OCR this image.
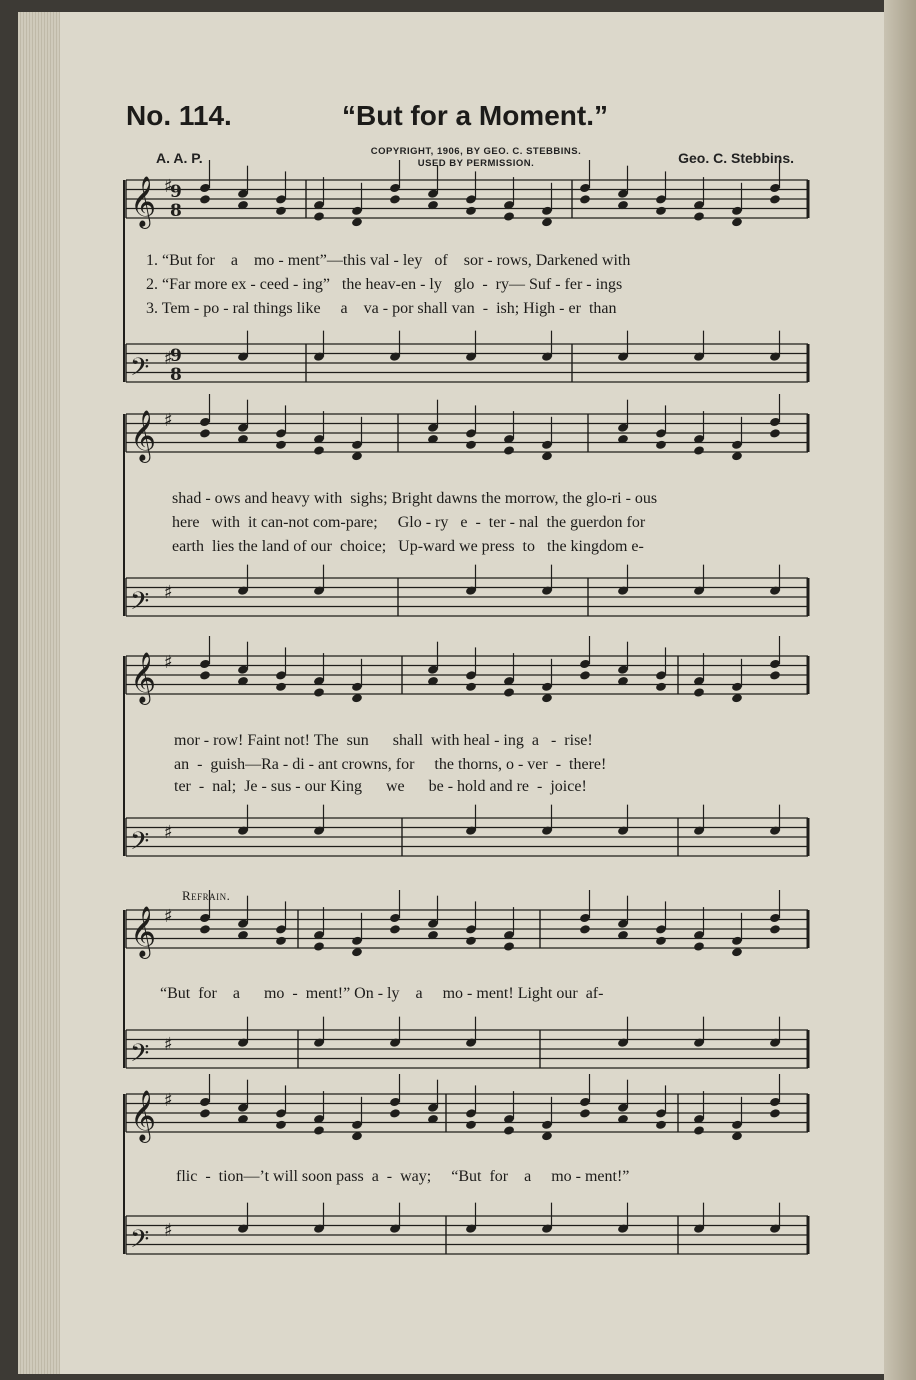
No. 114.	“But for a Moment.”
A. A. P.	COPYRIGHT, 1906, BY GEO. C. STEBBINS.
USED BY PERMISSION.	Geo. C. Stebbins.
𝄞 ♯
9
8
𝄢 ♯
9
8
𝄞 ♯
𝄢 ♯
𝄞 ♯
𝄢 ♯
𝄞 ♯
𝄢 ♯
𝄞 ♯
𝄢 ♯
1. “But for    a    mo - ment”—this val - ley   of    sor - rows, Darkened with
2. “Far more ex - ceed - ing”   the heav-en - ly   glo  -  ry— Suf - fer - ings
3. Tem - po - ral things like     a    va - por shall van  -  ish; High - er  than
shad - ows and heavy with  sighs; Bright dawns the morrow, the glo-ri - ous
here   with  it can-not com-pare;     Glo - ry   e  -  ter - nal  the guerdon for
earth  lies the land of our  choice;   Up-ward we press  to   the kingdom e-
mor - row! Faint not! The  sun      shall  with heal - ing  a   -  rise!
an  -  guish—Ra - di - ant crowns, for     the thorns, o - ver  -  there!
ter  -  nal;  Je - sus - our King      we      be - hold and re  -  joice!
Refrain.
“But  for    a      mo  -  ment!” On - ly    a     mo - ment! Light our  af-
flic  -  tion—’t will soon pass  a  -  way;     “But  for    a     mo - ment!”
